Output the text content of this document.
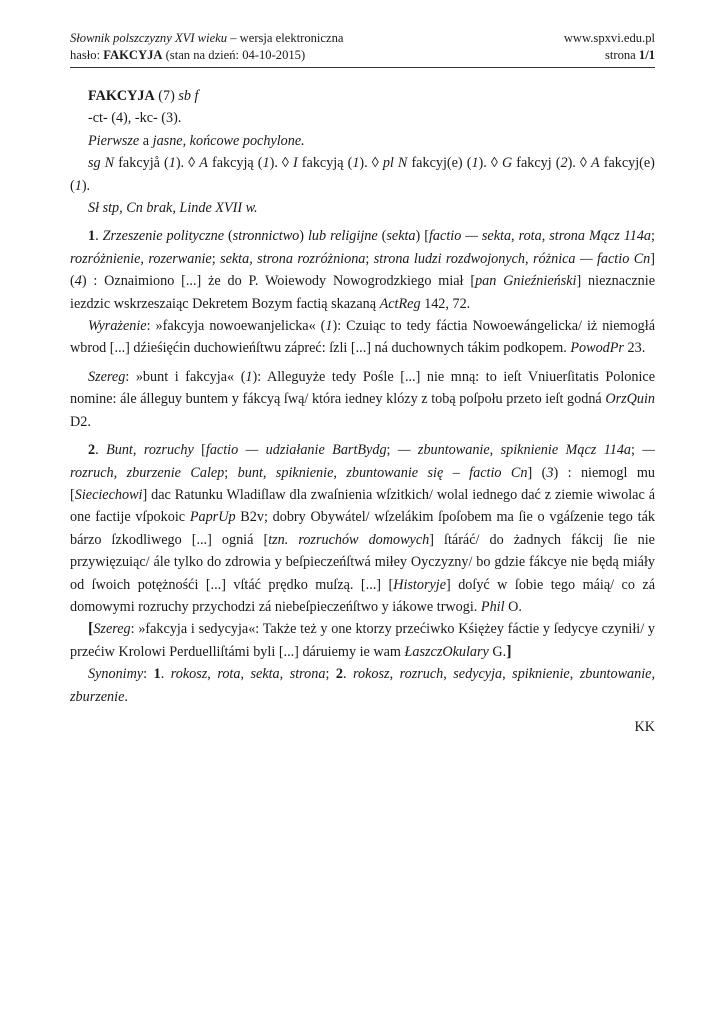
Słownik polszczyzny XVI wieku – wersja elektroniczna	www.spxvi.edu.pl
hasło: FAKCYJA (stan na dzień: 04-10-2015)	strona 1/1

FAKCYJA (7) sb f

-ct- (4), -kc- (3).

Pierwsze a jasne, końcowe pochylone.

sg N fakcyjå (1). ◊ A fakcyją (1). ◊ I fakcyją (1). ◊ pl N fakcyj(e) (1). ◊ G fakcyj (2). ◊ A fakcyj(e) (1).

Sł stp, Cn brak, Linde XVII w.

1. Zrzeszenie polityczne (stronnictwo) lub religijne (sekta) [factio — sekta, rota, strona Mącz 114a; rozróżnienie, rozerwanie; sekta, strona rozróżniona; strona ludzi rozdwojonych, różnica — factio Cn] (4) : Oznaimiono [...] że do P. Woiewody Nowogrodzkiego miał [pan Gnieźnieński] nieznacznie iezdzic wskrzeszaiąc Dekretem Bozym factią skazaną ActReg 142, 72.

Wyrażenie: »fakcyja nowoewanjelicka« (1): Czuiąc to tedy fáctia Nowoewángelicka/ iż niemogłá wbrod [...] dźieśięćin duchowieńſtwu zápreć: ſzli [...] ná duchownych tákim podkopem. PowodPr 23.

Szereg: »bunt i fakcyja« (1): Alleguyże tedy Pośle [...] nie mną: to ieſt Vniuerſitatis Polonice nomine: ále álleguy buntem y fákcyą ſwą/ która iedney klózy z tobą poſpołu przeto ieſt godná OrzQuin D2.

2. Bunt, rozruchy [factio — udziałanie BartBydg; — zbuntowanie, spiknienie Mącz 114a; — rozruch, zburzenie Calep; bunt, spiknienie, zbuntowanie się – factio Cn] (3) : niemogl mu [Sieciechowi] dac Ratunku Wladiſlaw dla zwaſnienia wſzitkich/ wolal iednego dać z ziemie wiwolac á one factije vſpokoic PaprUp B2v; dobry Obywátel/ wſzelákim ſpoſobem ma ſie o vgáſzenie tego ták bárzo ſzkodliwego [...] ogniá [tzn. rozruchów domowych] ſtáráć/ do żadnych fákcij ſie nie przywięzuiąc/ ále tylko do zdrowia y beſpieczeńſtwá miłey Oyczyzny/ bo gdzie fákcye nie będą miáły od ſwoich potężnośći [...] vſtáć prędko muſzą. [...] [Historyje] doſyć w ſobie tego máią/ co zá domowymi rozruchy przychodzi zá niebeſpieczeńſtwo y iákowe trwogi. Phil O.

[Szereg: »fakcyja i sedycyja«: Także też y one ktorzy przećiwko Kśiężey fáctie y ſedycye czyniłi/ y przećiw Krolowi Perduelliſtámi byli [...] dáruiemy ie wam ŁaszczOkulary G.]

Synonimy: 1. rokosz, rota, sekta, strona; 2. rokosz, rozruch, sedycyja, spiknienie, zbuntowanie, zburzenie.

KK
